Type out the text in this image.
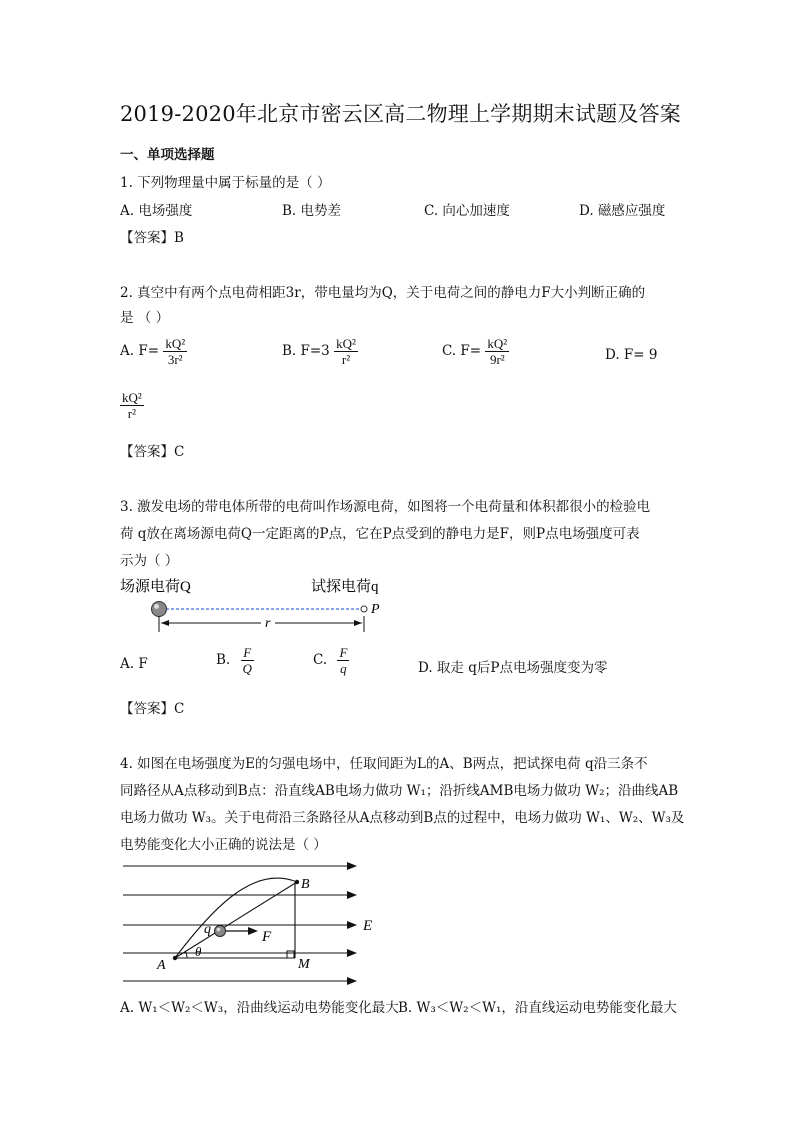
2019-2020年北京市密云区高二物理上学期期末试题及答案
一、单项选择题
1. 下列物理量中属于标量的是（ ）
A. 电场强度	B. 电势差	C. 向心加速度	D. 磁感应强度
【答案】B
2. 真空中有两个点电荷相距3r，带电量均为Q，关于电荷之间的静电力F大小判断正确的
是 （ ）
A. $F= \frac{\text{kQ²}}{\text{3r²}}$	B. $F=3 \frac{\text{kQ²}}{\text{r²}}$	C. $F= \frac{\text{kQ²}}{\text{9r²}}$	D. F= 9
$\frac{\text{kQ²}}{\text{r²}}$
【答案】C
3. 激发电场的带电体所带的电荷叫作场源电荷，如图将一个电荷量和体积都很小的检验电
荷 q放在离场源电荷Q一定距离的P点，它在P点受到的静电力是F，则P点电场强度可表
示为（ ）
场源电荷Q	试探电荷q
P
r
A. F	B. $\frac{F}{Q}$	C. $\frac{F}{q}$	D. 取走 q后P点电场强度变为零
【答案】C
4. 如图在电场强度为E的匀强电场中，任取间距为L的A、B两点，把试探电荷 q沿三条不
同路径从A点移动到B点：沿直线AB电场力做功 W₁；沿折线AMB电场力做功 W₂；沿曲线AB
电场力做功 W₃。关于电荷沿三条路径从A点移动到B点的过程中，电场力做功 W₁、W₂、W₃及
电势能变化大小正确的说法是（ ）
E
θ
F
q
A
B
M
A. W₁＜W₂＜W₃，沿曲线运动电势能变化最大 B. W₃＜W₂＜W₁，沿直线运动电势能变化最大
